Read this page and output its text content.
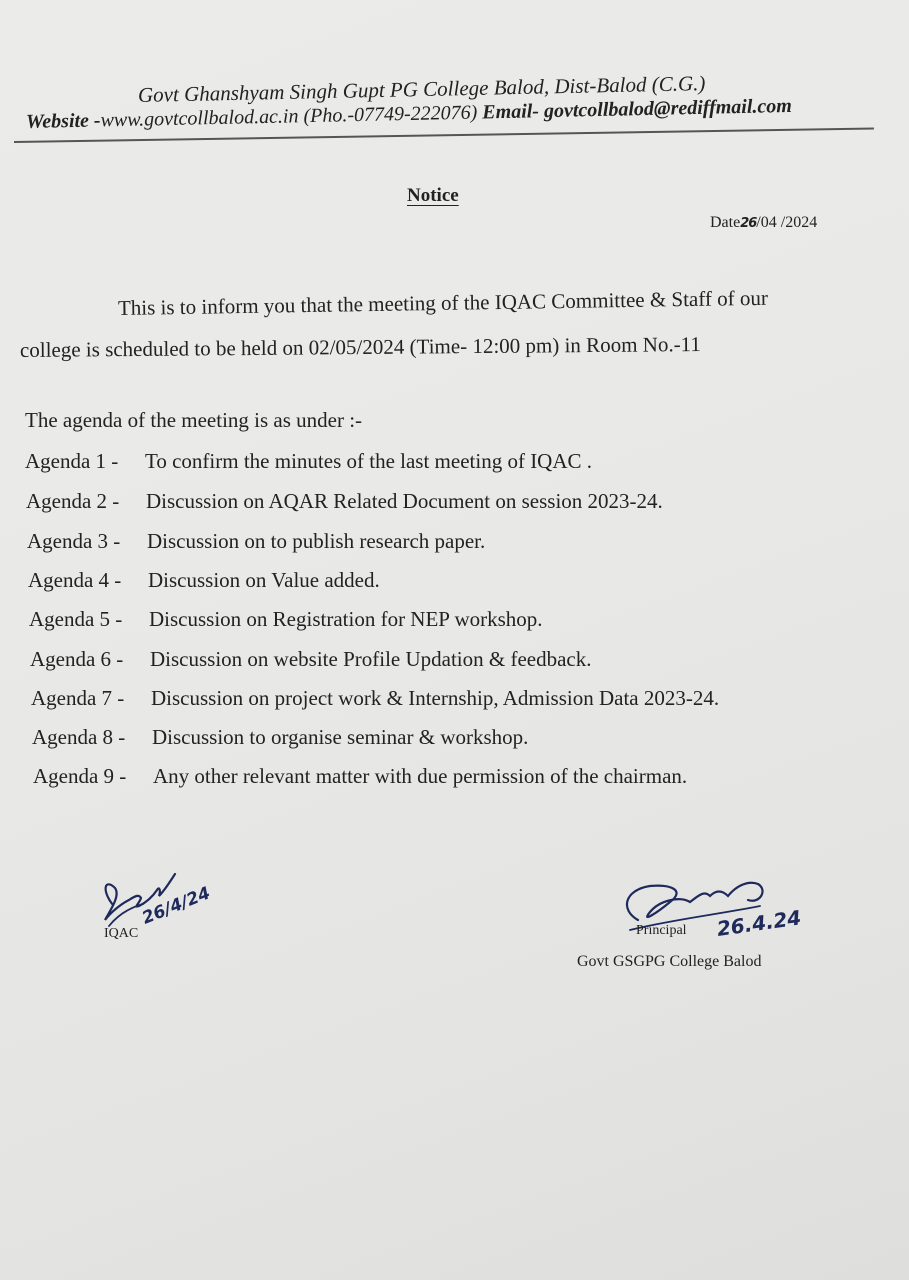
Govt Ghanshyam Singh Gupt PG College Balod, Dist-Balod (C.G.)
Website -www.govtcollbalod.ac.in (Pho.-07749-222076) Email- govtcollbalod@rediffmail.com
Notice
Date26/04 /2024
This is to inform you that the meeting of the IQAC Committee & Staff of our
college is scheduled to be held on 02/05/2024 (Time- 12:00 pm) in Room No.-11
The agenda of the meeting is as under :-
Agenda 1 - To confirm the minutes of the last meeting of IQAC .
Agenda 2 - Discussion on AQAR Related Document on session 2023-24.
Agenda 3 - Discussion on to publish research paper.
Agenda 4 - Discussion on Value added.
Agenda 5 - Discussion on Registration for NEP workshop.
Agenda 6 - Discussion on website Profile Updation & feedback.
Agenda 7 - Discussion on project work & Internship, Admission Data 2023-24.
Agenda 8 - Discussion to organise seminar & workshop.
Agenda 9 - Any other relevant matter with due permission of the chairman.
26/4/24
IQAC	26.4.24
Principal
Govt GSGPG College Balod
